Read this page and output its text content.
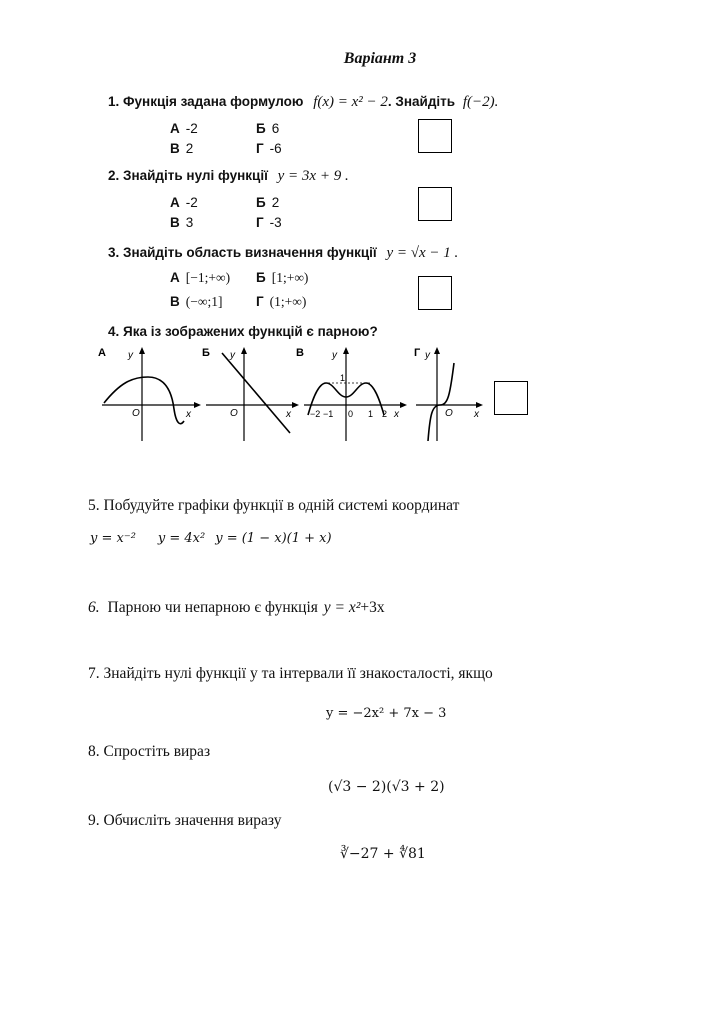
Варіант 3
1. Функція задана формулою f(x) = x² − 2. Знайдіть f(−2).
А -2	Б 6
В 2	Г -6
2. Знайдіть нулі функції y = 3x + 9 .
А -2	Б 2
В 3	Г -3
3. Знайдіть область визначення функції y = √x − 1 .
А [−1;+∞) Б [1;+∞)
В (−∞;1] Г (1;+∞)
4. Яка із зображених функцій є парною?
А y
x
O
Б y
x
O
В	y
x
1
−2 −1 0 1 2
Г y
x
O
5. Побудуйте графіки функції в одній системі координат
y = x⁻² y = 4x² y = (1 − x)(1 + x)
6. Парною чи непарною є функція y = x²+3x
7. Знайдіть нулі функції у та інтервали її знакосталості, якщо
y = −2x² + 7x − 3
8. Спростіть вираз
(√3 − 2)(√3 + 2)
9. Обчисліть значення виразу
∛−27 + ∜81
